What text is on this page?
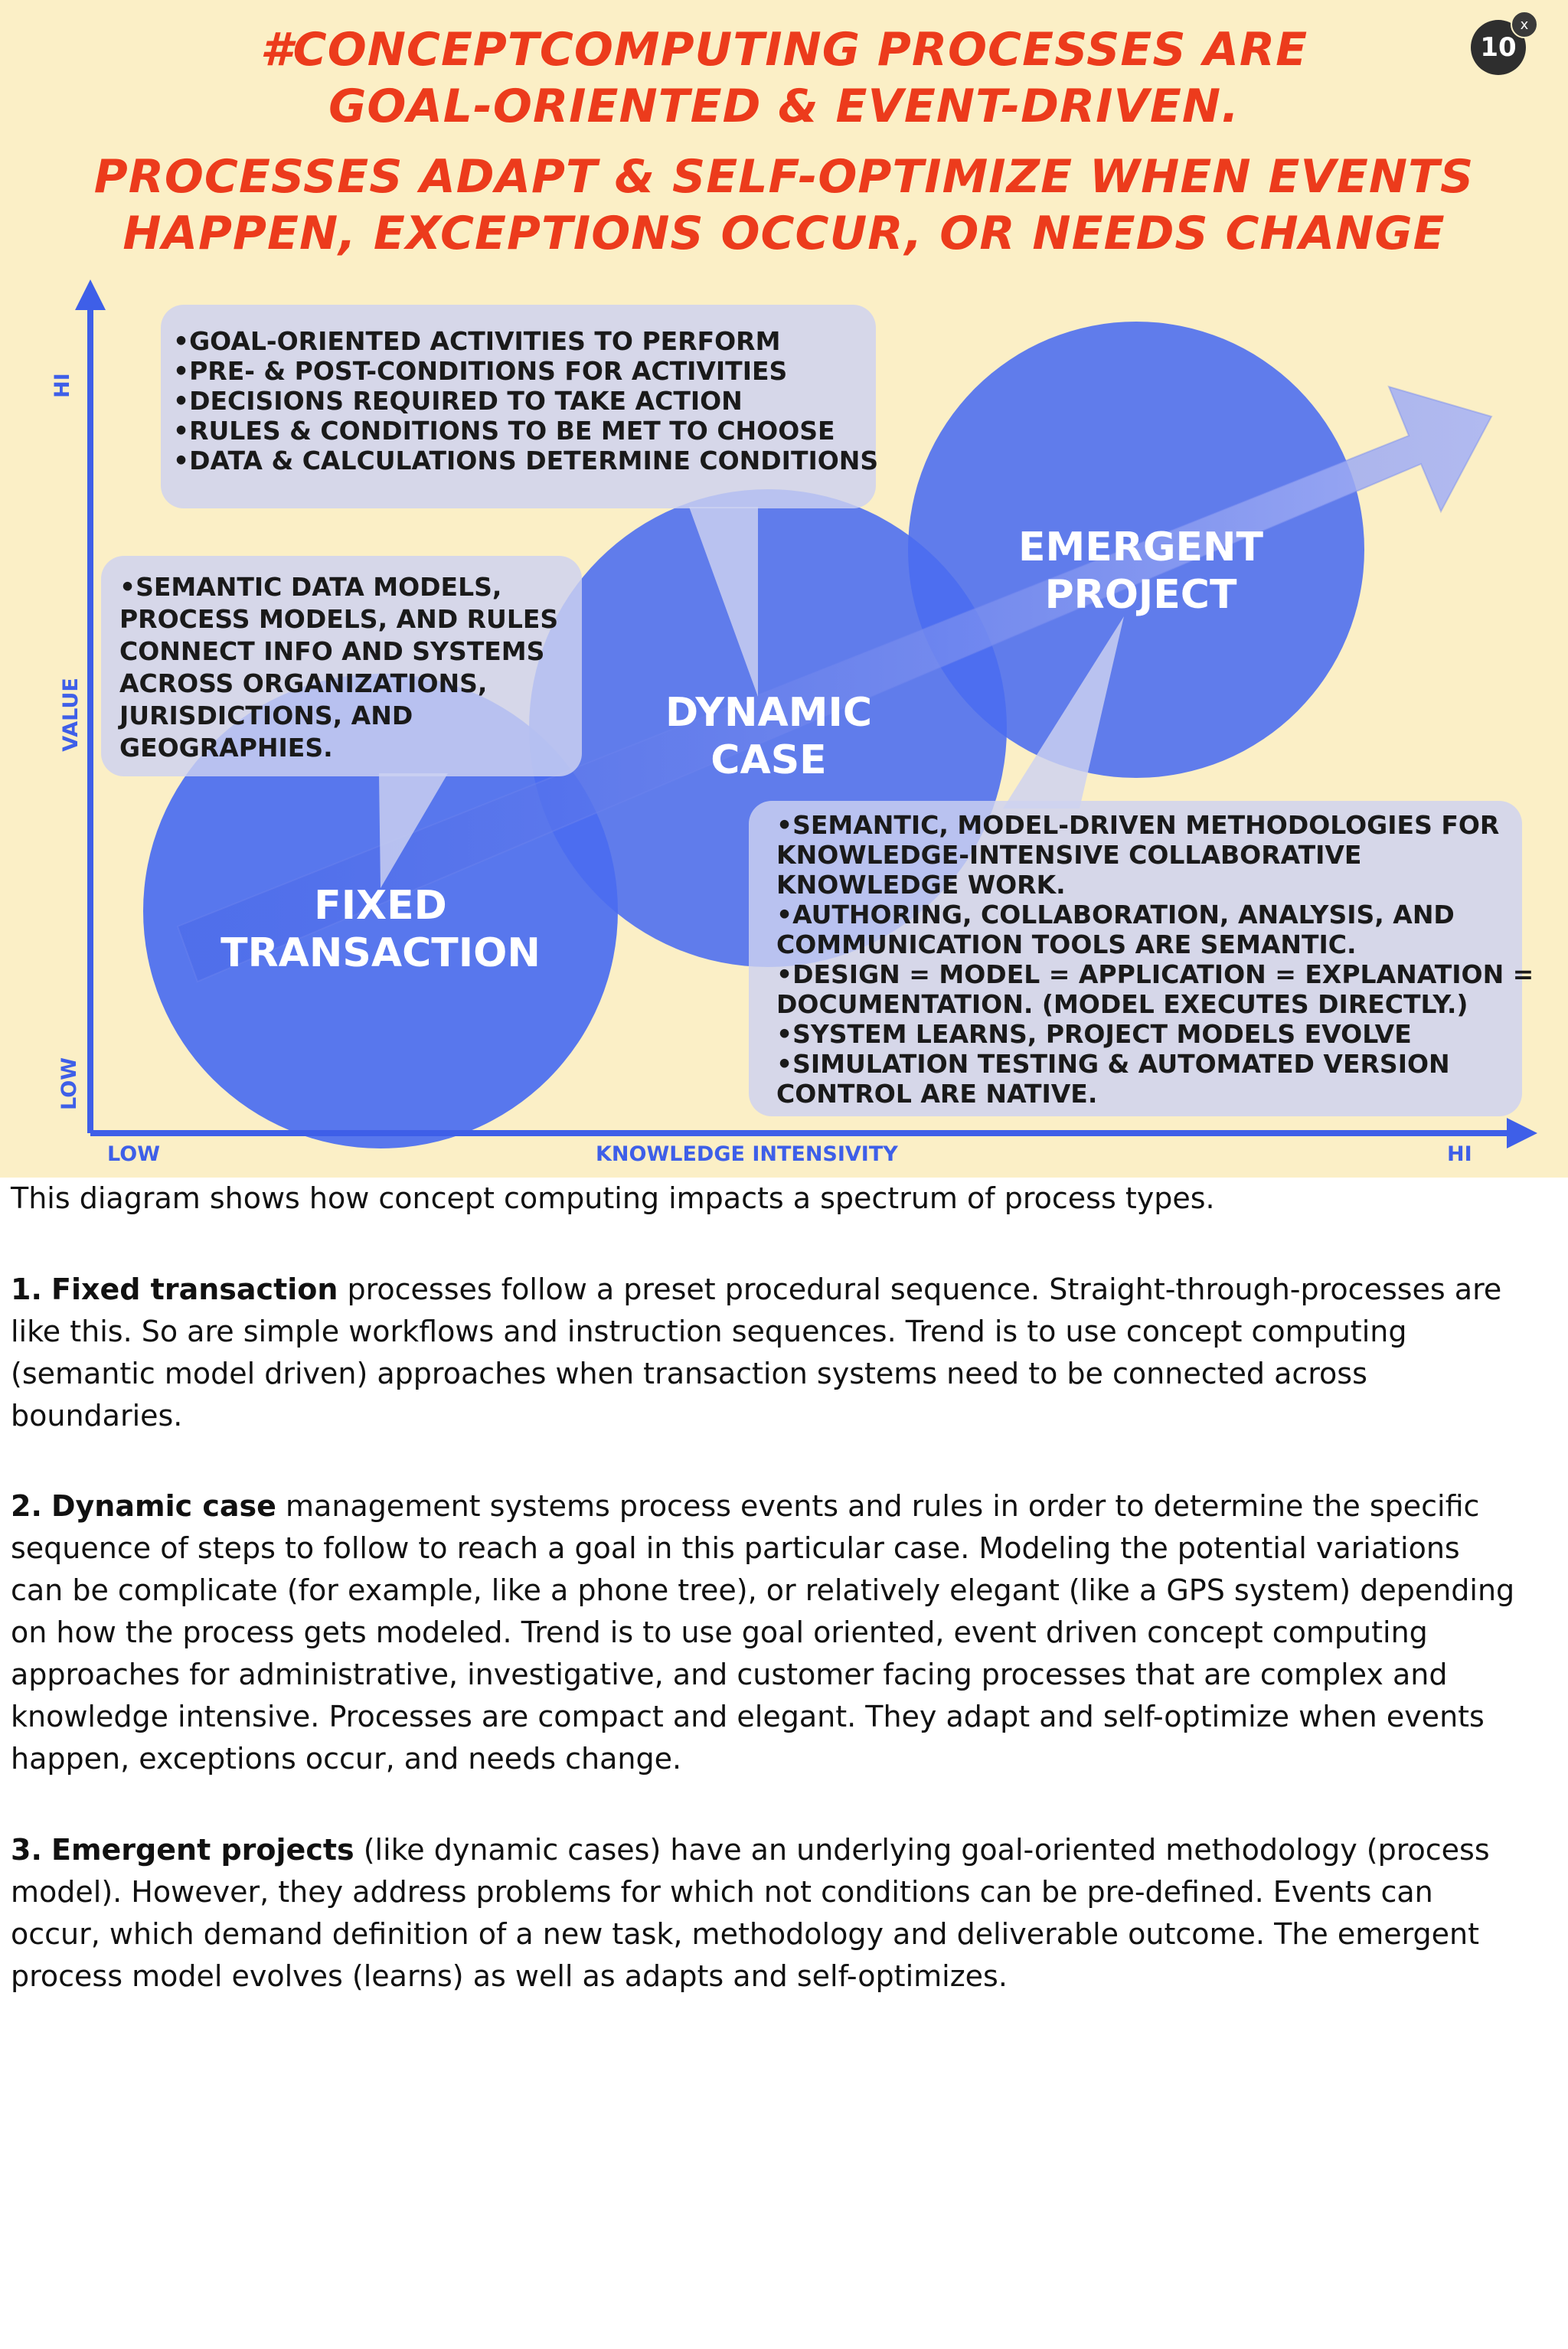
#CONCEPTCOMPUTING PROCESSES ARE
GOAL-ORIENTED & EVENT-DRIVEN.
PROCESSES ADAPT & SELF-OPTIMIZE WHEN EVENTS
HAPPEN, EXCEPTIONS OCCUR, OR NEEDS CHANGE
10
x
•GOAL-ORIENTED ACTIVITIES TO PERFORM
•PRE- & POST-CONDITIONS FOR ACTIVITIES
•DECISIONS REQUIRED TO TAKE ACTION
•RULES & CONDITIONS TO BE MET TO CHOOSE
•DATA & CALCULATIONS DETERMINE CONDITIONS
•SEMANTIC DATA MODELS,
PROCESS MODELS, AND RULES
CONNECT INFO AND SYSTEMS
ACROSS ORGANIZATIONS,
JURISDICTIONS, AND
GEOGRAPHIES.
•SEMANTIC, MODEL-DRIVEN METHODOLOGIES FOR
KNOWLEDGE-INTENSIVE COLLABORATIVE
KNOWLEDGE WORK.
•AUTHORING, COLLABORATION, ANALYSIS, AND
COMMUNICATION TOOLS ARE SEMANTIC.
•DESIGN = MODEL = APPLICATION = EXPLANATION =
DOCUMENTATION. (MODEL EXECUTES DIRECTLY.)
•SYSTEM LEARNS, PROJECT MODELS EVOLVE
•SIMULATION TESTING & AUTOMATED VERSION
CONTROL ARE NATIVE.
FIXED
TRANSACTION
DYNAMIC
CASE
EMERGENT
PROJECT
HI
VALUE
LOW
LOW	KNOWLEDGE INTENSIVITY	HI

This diagram shows how concept computing impacts a spectrum of process types.

1. Fixed transaction processes follow a preset procedural sequence. Straight-through-processes are
like this. So are simple workflows and instruction sequences. Trend is to use concept computing
(semantic model driven) approaches when transaction systems need to be connected across
boundaries.

2. Dynamic case management systems process events and rules in order to determine the specific
sequence of steps to follow to reach a goal in this particular case. Modeling the potential variations
can be complicate (for example, like a phone tree), or relatively elegant (like a GPS system) depending
on how the process gets modeled. Trend is to use goal oriented, event driven concept computing
approaches for administrative, investigative, and customer facing processes that are complex and
knowledge intensive. Processes are compact and elegant. They adapt and self-optimize when events
happen, exceptions occur, and needs change.

3. Emergent projects (like dynamic cases) have an underlying goal-oriented methodology (process
model). However, they address problems for which not conditions can be pre-defined. Events can
occur, which demand definition of a new task, methodology and deliverable outcome. The emergent
process model evolves (learns) as well as adapts and self-optimizes.
